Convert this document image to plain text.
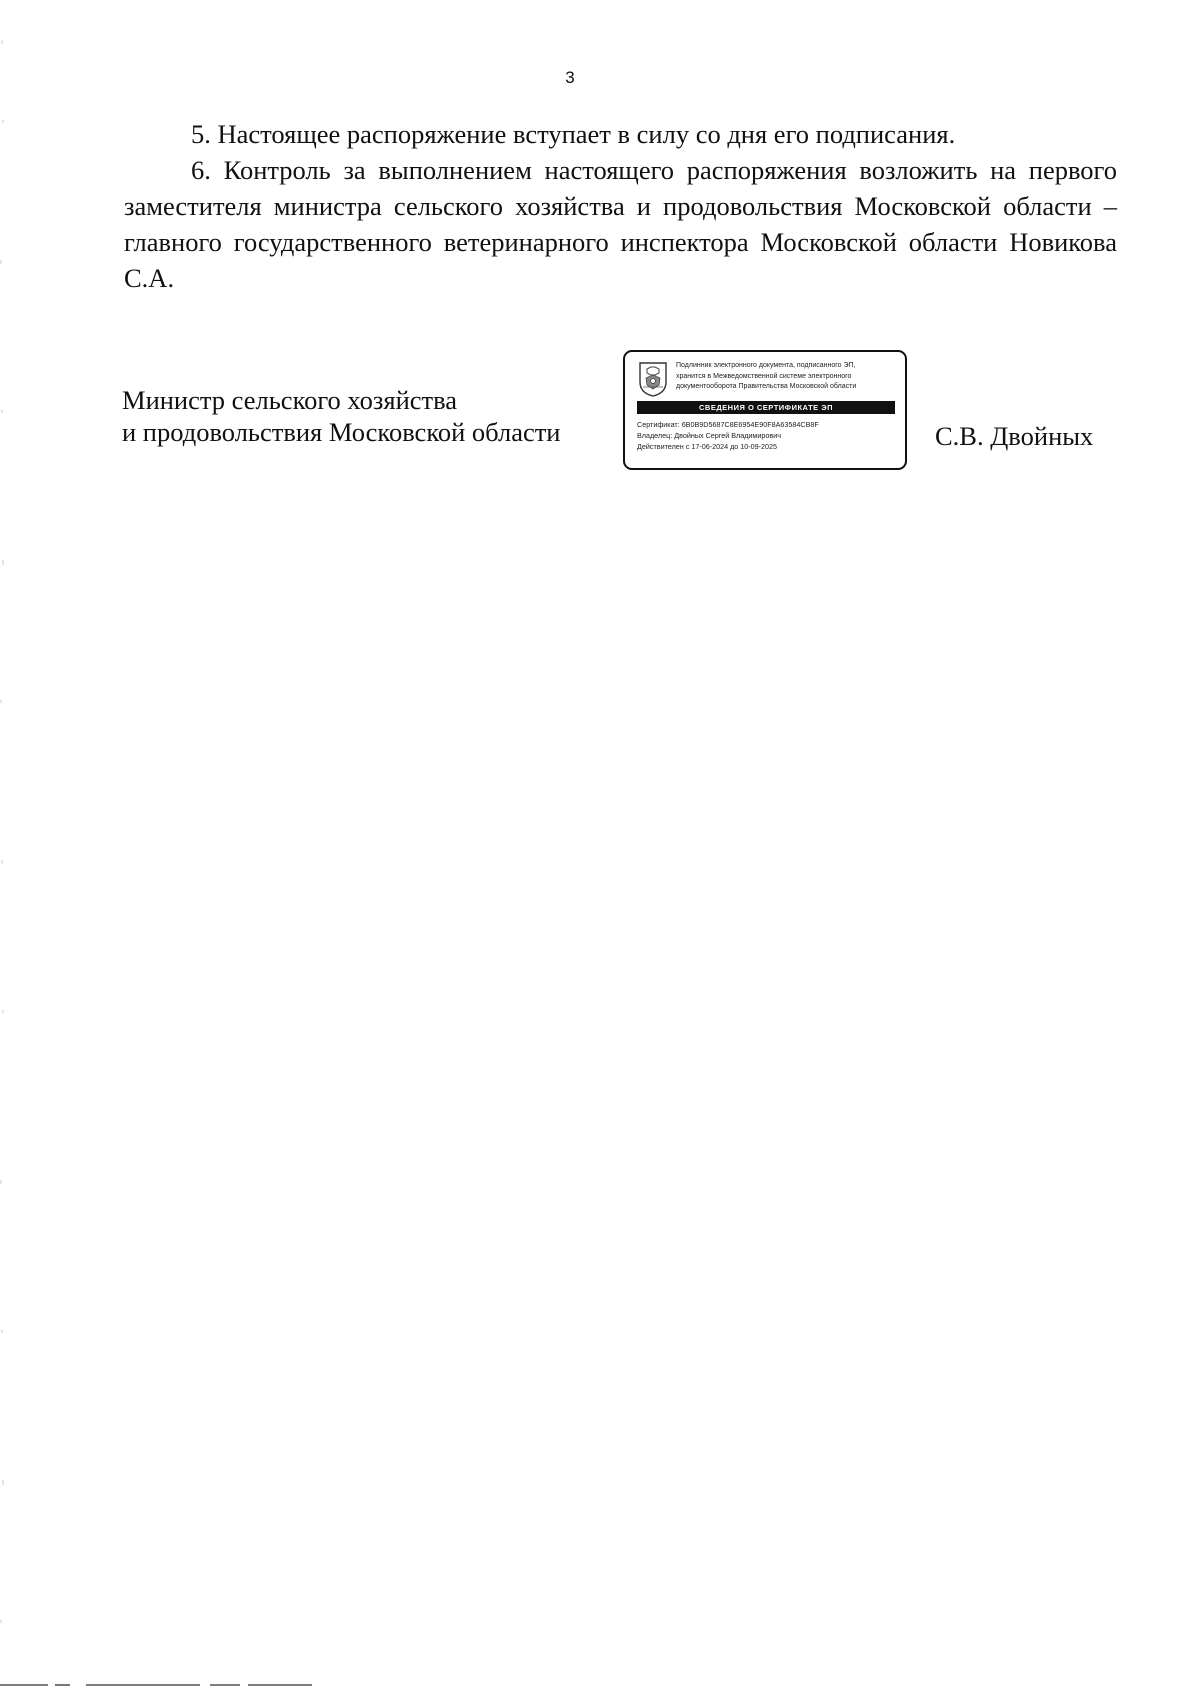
3

5. Настоящее распоряжение вступает в силу со дня его подписания.

6. Контроль за выполнением настоящего распоряжения возложить на первого заместителя министра сельского хозяйства и продовольствия Московской области – главного государственного ветеринарного инспектора Московской области Новикова С.А.

Министр сельского хозяйства
и продовольствия Московской области
Подлинник электронного документа, подписанного ЭП,
хранится в Межведомственной системе электронного
документооборота Правительства Московской области
СВЕДЕНИЯ О СЕРТИФИКАТЕ ЭП
Сертификат: 6B0B9D5687C8E6954E90F8A63584CB8F
Владелец: Двойных Сергей Владимирович
Действителен с 17-06-2024 до 10-09-2025	С.В. Двойных
